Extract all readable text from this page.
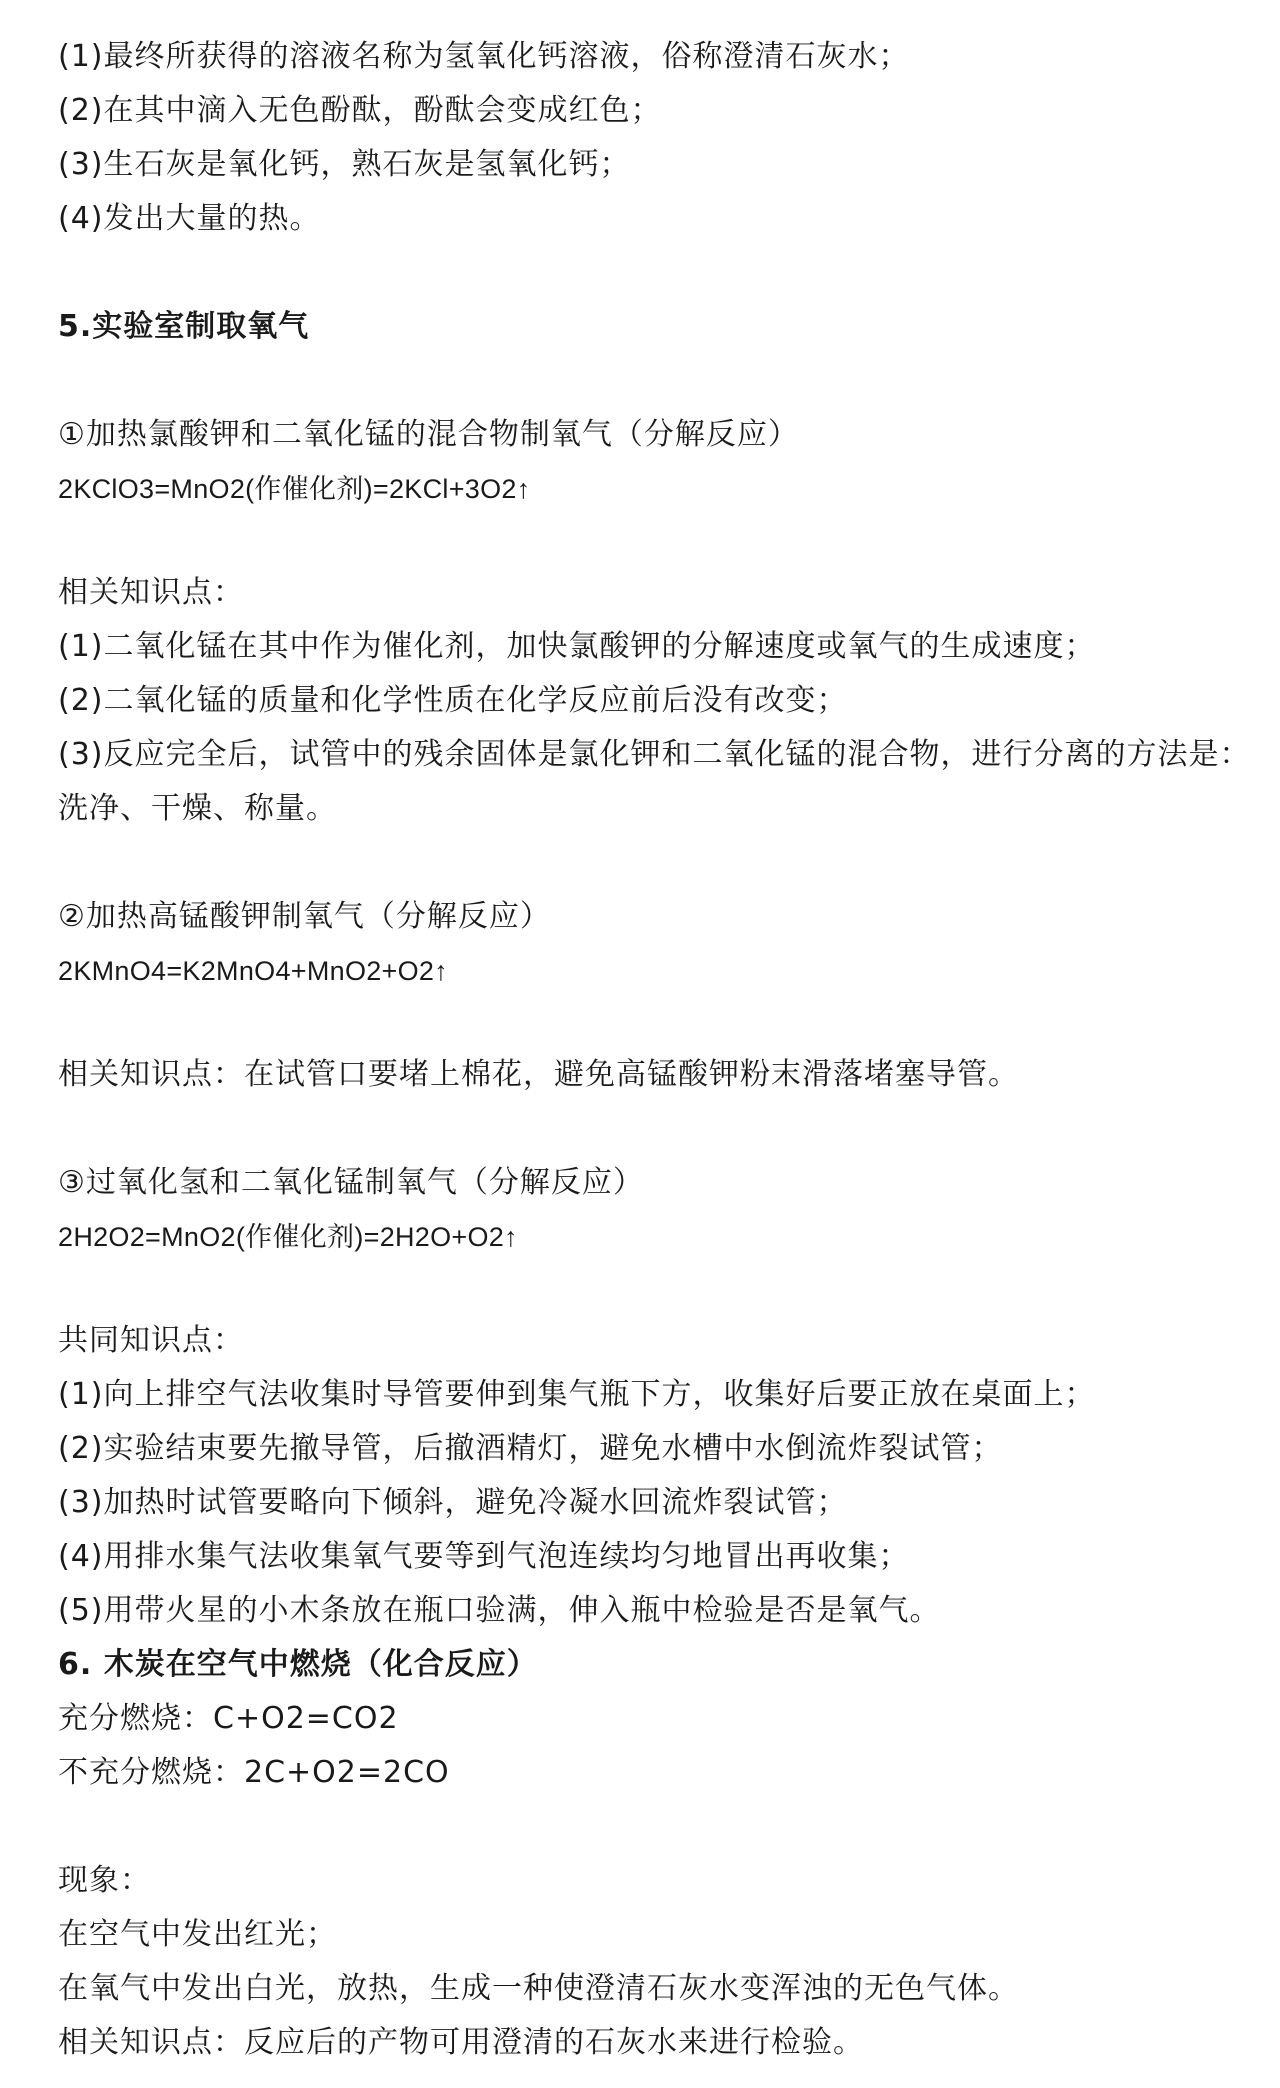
(1)最终所获得的溶液名称为氢氧化钙溶液，俗称澄清石灰水；
(2)在其中滴入无色酚酞，酚酞会变成红色；
(3)生石灰是氧化钙，熟石灰是氢氧化钙；
(4)发出大量的热。
5.实验室制取氧气
①加热氯酸钾和二氧化锰的混合物制氧气（分解反应）
2KClO3=MnO2(作催化剂)=2KCl+3O2↑
相关知识点：
(1)二氧化锰在其中作为催化剂，加快氯酸钾的分解速度或氧气的生成速度；
(2)二氧化锰的质量和化学性质在化学反应前后没有改变；
(3)反应完全后，试管中的残余固体是氯化钾和二氧化锰的混合物，进行分离的方法是：
洗净、干燥、称量。
②加热高锰酸钾制氧气（分解反应）
2KMnO4=K2MnO4+MnO2+O2↑
相关知识点：在试管口要堵上棉花，避免高锰酸钾粉末滑落堵塞导管。
③过氧化氢和二氧化锰制氧气（分解反应）
2H2O2=MnO2(作催化剂)=2H2O+O2↑
共同知识点：
(1)向上排空气法收集时导管要伸到集气瓶下方，收集好后要正放在桌面上；
(2)实验结束要先撤导管，后撤酒精灯，避免水槽中水倒流炸裂试管；
(3)加热时试管要略向下倾斜，避免冷凝水回流炸裂试管；
(4)用排水集气法收集氧气要等到气泡连续均匀地冒出再收集；
(5)用带火星的小木条放在瓶口验满，伸入瓶中检验是否是氧气。
6. 木炭在空气中燃烧（化合反应）
充分燃烧：C+O2=CO2
不充分燃烧：2C+O2=2CO
现象：
在空气中发出红光；
在氧气中发出白光，放热，生成一种使澄清石灰水变浑浊的无色气体。
相关知识点：反应后的产物可用澄清的石灰水来进行检验。
